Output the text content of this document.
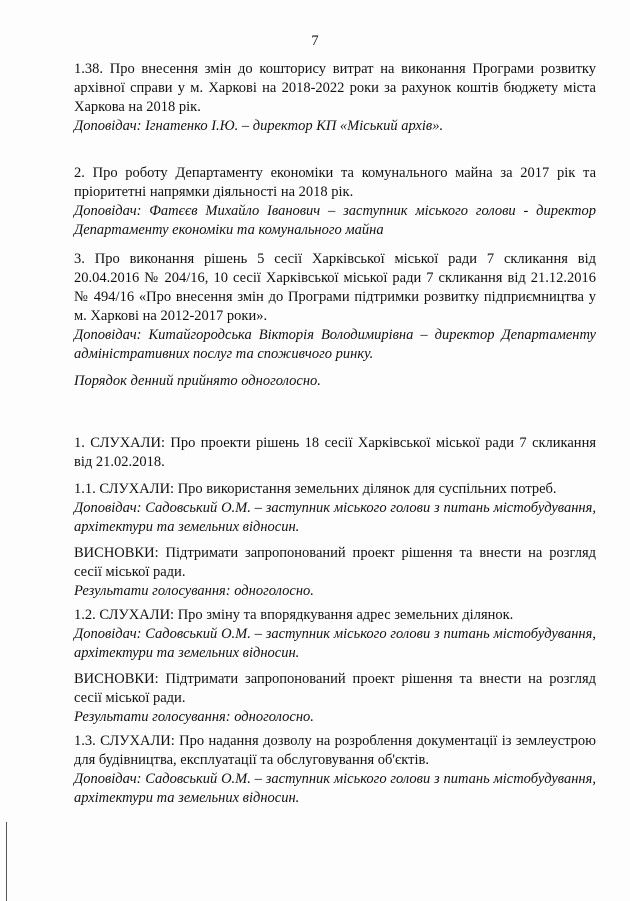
7
1.38. Про внесення змін до кошторису витрат на виконання Програми розвитку архівної справи у м. Харкові на 2018-2022 роки за рахунок коштів бюджету міста Харкова на 2018 рік.
Доповідач: Ігнатенко І.Ю. – директор КП «Міський архів».
2. Про роботу Департаменту економіки та комунального майна за 2017 рік та пріоритетні напрямки діяльності на 2018 рік.
Доповідач: Фатєєв Михайло Іванович – заступник міського голови - директор Департаменту економіки та комунального майна
3. Про виконання рішень 5 сесії Харківської міської ради 7 скликання від 20.04.2016 № 204/16, 10 сесії Харківської міської ради 7 скликання від 21.12.2016 № 494/16 «Про внесення змін до Програми підтримки розвитку підприємництва у м. Харкові на 2012-2017 роки».
Доповідач: Китайгородська Вікторія Володимирівна – директор Департаменту адміністративних послуг та споживчого ринку.
Порядок денний прийнято одноголосно.
1. СЛУХАЛИ: Про проекти рішень 18 сесії Харківської міської ради 7 скликання від 21.02.2018.
1.1. СЛУХАЛИ: Про використання земельних ділянок для суспільних потреб.
Доповідач: Садовський О.М. – заступник міського голови з питань містобудування, архітектури та земельних відносин.
ВИСНОВКИ: Підтримати запропонований проект рішення та внести на розгляд сесії міської ради.
Результати голосування: одноголосно.
1.2. СЛУХАЛИ: Про зміну та впорядкування адрес земельних ділянок.
Доповідач: Садовський О.М. – заступник міського голови з питань містобудування, архітектури та земельних відносин.
ВИСНОВКИ: Підтримати запропонований проект рішення та внести на розгляд сесії міської ради.
Результати голосування: одноголосно.
1.3. СЛУХАЛИ: Про надання дозволу на розроблення документації із землеустрою для будівництва, експлуатації та обслуговування об'єктів.
Доповідач: Садовський О.М. – заступник міського голови з питань містобудування, архітектури та земельних відносин.
